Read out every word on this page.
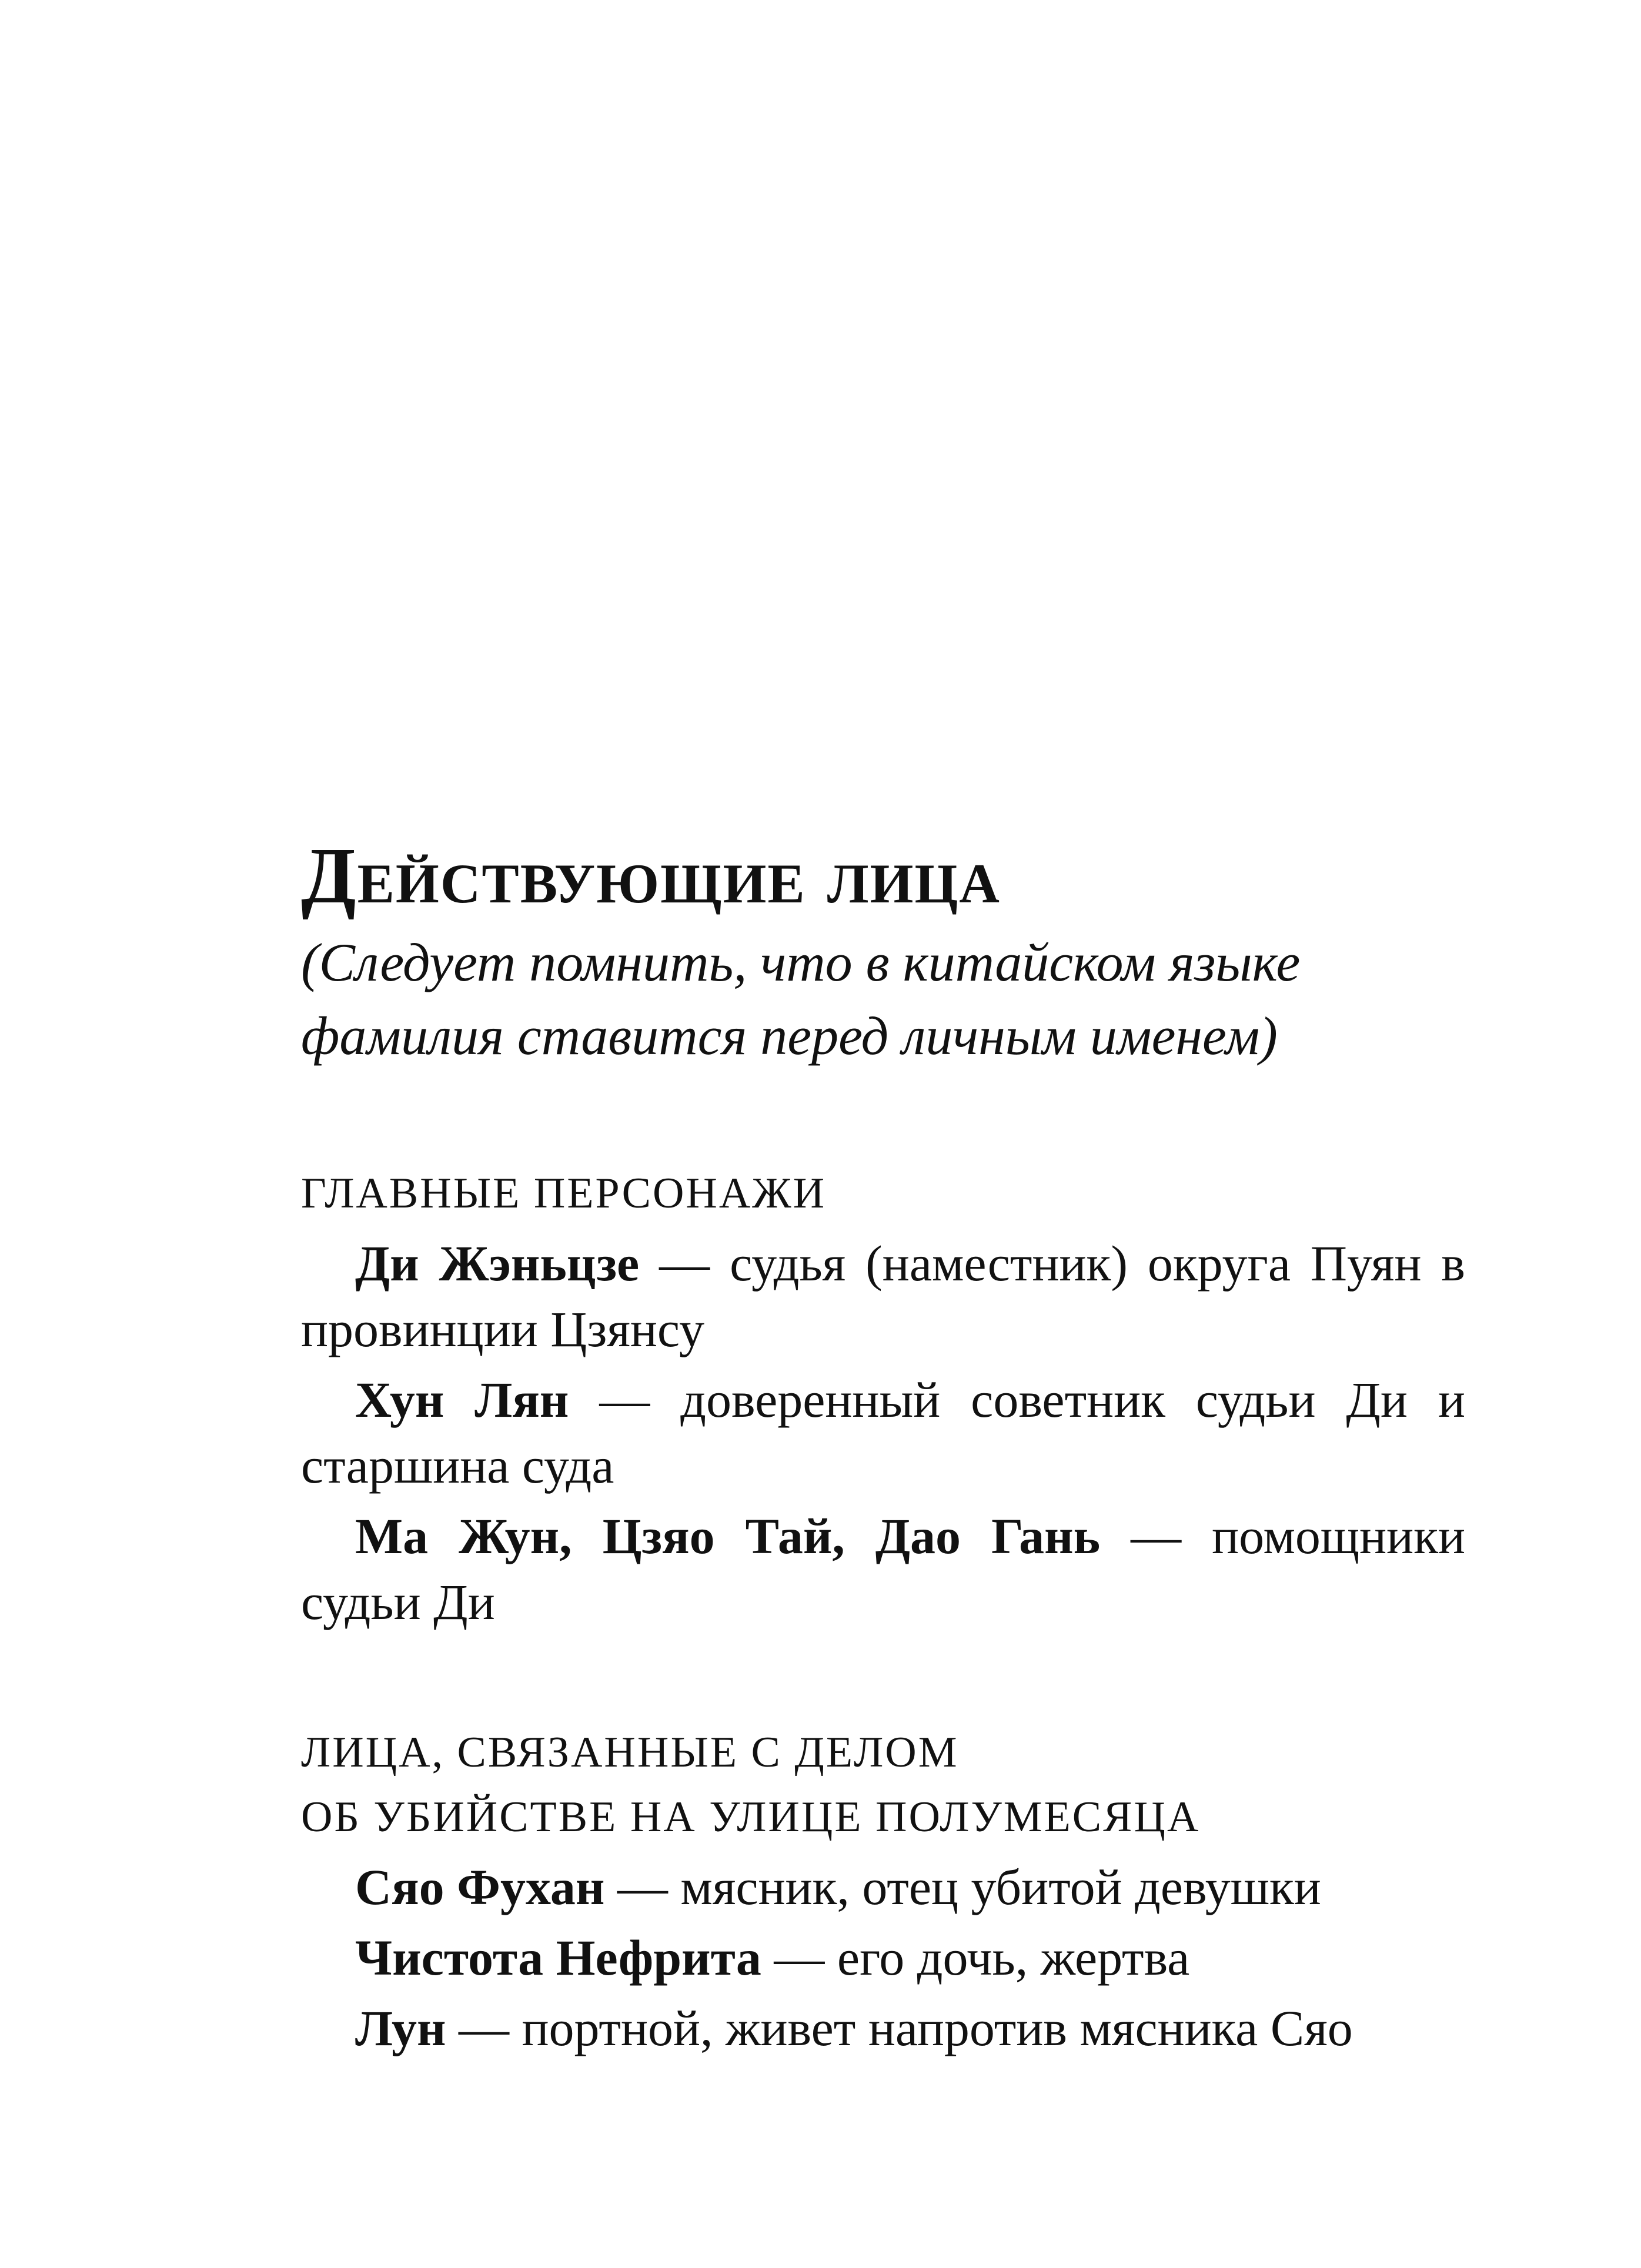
Действующие лица

(Следует помнить, что в китайском языке фамилия ставится перед личным именем)

ГЛАВНЫЕ ПЕРСОНАЖИ

Ди Жэньцзе — судья (наместник) округа Пуян в провинции Цзянсу

Хун Лян — доверенный советник судьи Ди и старшина суда

Ма Жун, Цзяо Тай, Дао Гань — помощники судьи Ди

ЛИЦА, СВЯЗАННЫЕ С ДЕЛОМ
ОБ УБИЙСТВЕ НА УЛИЦЕ ПОЛУМЕСЯЦА

Сяо Фухан — мясник, отец убитой девушки

Чистота Нефрита — его дочь, жертва

Лун — портной, живет напротив мясника Сяо
